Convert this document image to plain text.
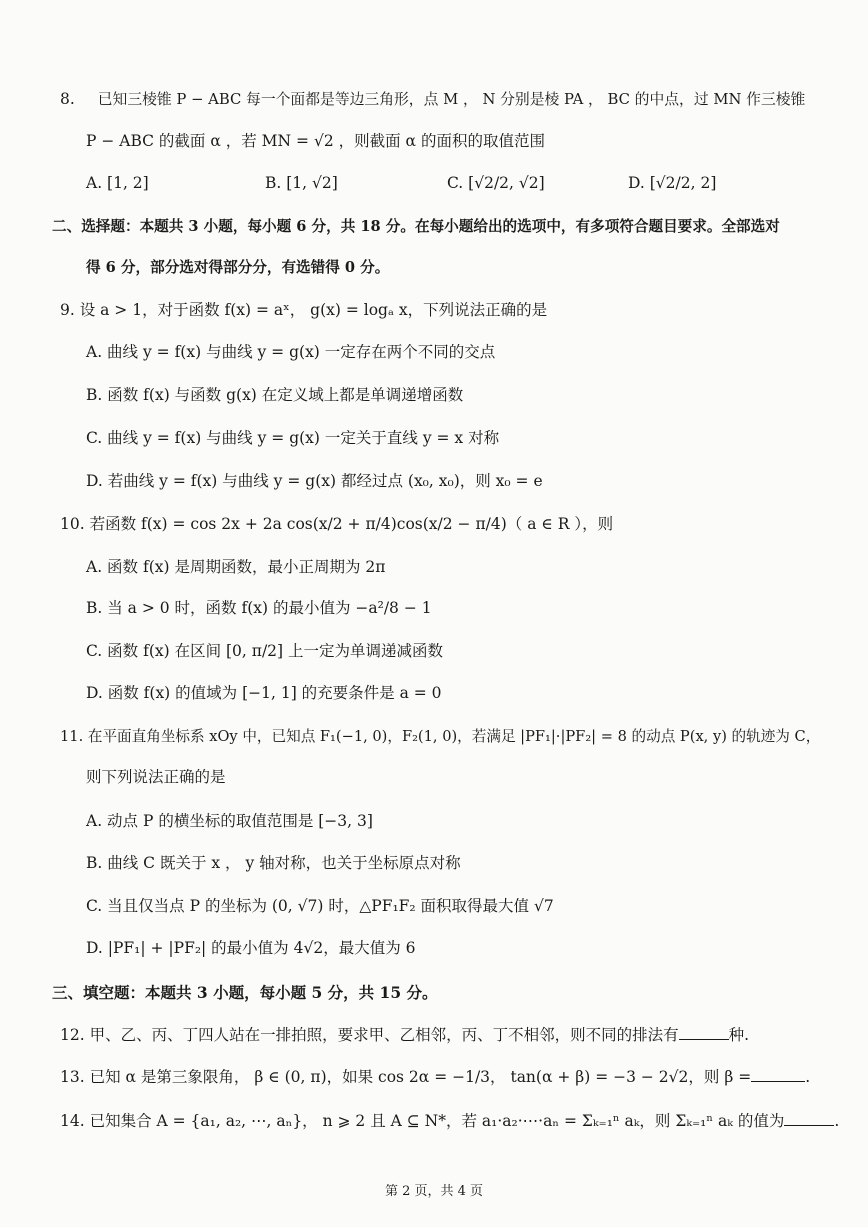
8. 已知三棱锥 P − ABC 每一个面都是等边三角形，点 M ， N 分别是棱 PA ， BC 的中点，过 MN 作三棱锥
P − ABC 的截面 α ，若 MN = √2 ，则截面 α 的面积的取值范围
A. [1, 2]	B. [1, √2]	C. [√2/2, √2]	D. [√2/2, 2]
二、选择题：本题共 3 小题，每小题 6 分，共 18 分。在每小题给出的选项中，有多项符合题目要求。全部选对
得 6 分，部分选对得部分分，有选错得 0 分。
9. 设 a > 1，对于函数 f(x) = aˣ， g(x) = logₐ x，下列说法正确的是
A. 曲线 y = f(x) 与曲线 y = g(x) 一定存在两个不同的交点
B. 函数 f(x) 与函数 g(x) 在定义域上都是单调递增函数
C. 曲线 y = f(x) 与曲线 y = g(x) 一定关于直线 y = x 对称
D. 若曲线 y = f(x) 与曲线 y = g(x) 都经过点 (x₀, x₀)，则 x₀ = e
10. 若函数 f(x) = cos 2x + 2a cos(x/2 + π/4)cos(x/2 − π/4)（ a ∈ R ），则
A. 函数 f(x) 是周期函数，最小正周期为 2π
B. 当 a > 0 时，函数 f(x) 的最小值为 −a²/8 − 1
C. 函数 f(x) 在区间 [0, π/2] 上一定为单调递减函数
D. 函数 f(x) 的值域为 [−1, 1] 的充要条件是 a = 0
11. 在平面直角坐标系 xOy 中，已知点 F₁(−1, 0)，F₂(1, 0)，若满足 |PF₁|·|PF₂| = 8 的动点 P(x, y) 的轨迹为 C，
则下列说法正确的是
A. 动点 P 的横坐标的取值范围是 [−3, 3]
B. 曲线 C 既关于 x ， y 轴对称，也关于坐标原点对称
C. 当且仅当点 P 的坐标为 (0, √7) 时，△PF₁F₂ 面积取得最大值 √7
D. |PF₁| + |PF₂| 的最小值为 4√2，最大值为 6
三、填空题：本题共 3 小题，每小题 5 分，共 15 分。
12. 甲、乙、丙、丁四人站在一排拍照，要求甲、乙相邻，丙、丁不相邻，则不同的排法有	种.
13. 已知 α 是第三象限角， β ∈ (0, π)，如果 cos 2α = −1/3， tan(α + β) = −3 − 2√2，则 β =	.
14. 已知集合 A = {a₁, a₂, ⋯, aₙ}， n ⩾ 2 且 A ⊆ N*，若 a₁·a₂·⋯·aₙ = Σₖ₌₁ⁿ aₖ，则 Σₖ₌₁ⁿ aₖ 的值为	.
第 2 页，共 4 页
